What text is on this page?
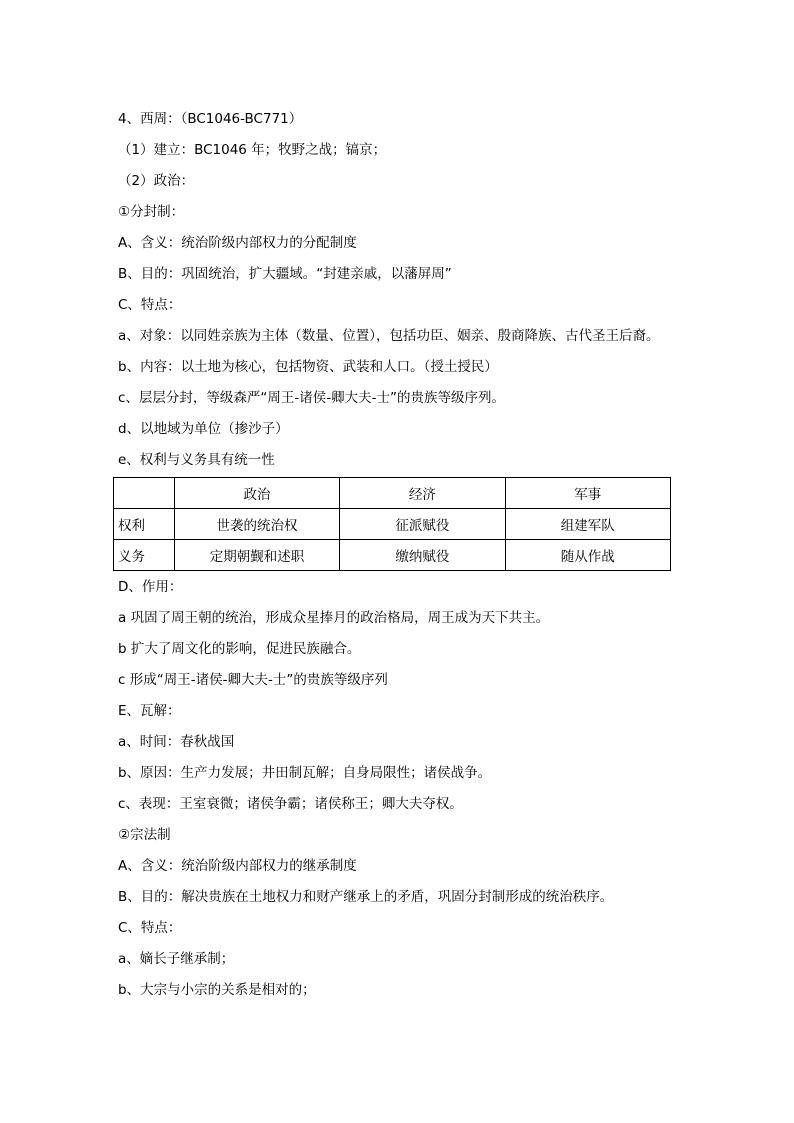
4、西周：（BC1046-BC771）
（1）建立：BC1046 年；牧野之战；镐京；
（2）政治：
①分封制：
A、含义：统治阶级内部权力的分配制度
B、目的：巩固统治，扩大疆域。“封建亲戚，以藩屏周”
C、特点：
a、对象：以同姓亲族为主体（数量、位置），包括功臣、姻亲、殷商降族、古代圣王后裔。
b、内容：以土地为核心，包括物资、武装和人口。（授土授民）
c、层层分封，等级森严“周王-诸侯-卿大夫-士”的贵族等级序列。
d、以地域为单位（掺沙子）
e、权利与义务具有统一性
	政治	经济	军事
权利	世袭的统治权	征派赋役	组建军队
义务	定期朝觐和述职	缴纳赋役	随从作战
D、作用：
a 巩固了周王朝的统治，形成众星捧月的政治格局，周王成为天下共主。
b 扩大了周文化的影响，促进民族融合。
c 形成“周王-诸侯-卿大夫-士”的贵族等级序列
E、瓦解：
a、时间：春秋战国
b、原因：生产力发展；井田制瓦解；自身局限性；诸侯战争。
c、表现：王室衰微；诸侯争霸；诸侯称王；卿大夫夺权。
②宗法制
A、含义：统治阶级内部权力的继承制度
B、目的：解决贵族在土地权力和财产继承上的矛盾，巩固分封制形成的统治秩序。
C、特点：
a、嫡长子继承制；
b、大宗与小宗的关系是相对的；
